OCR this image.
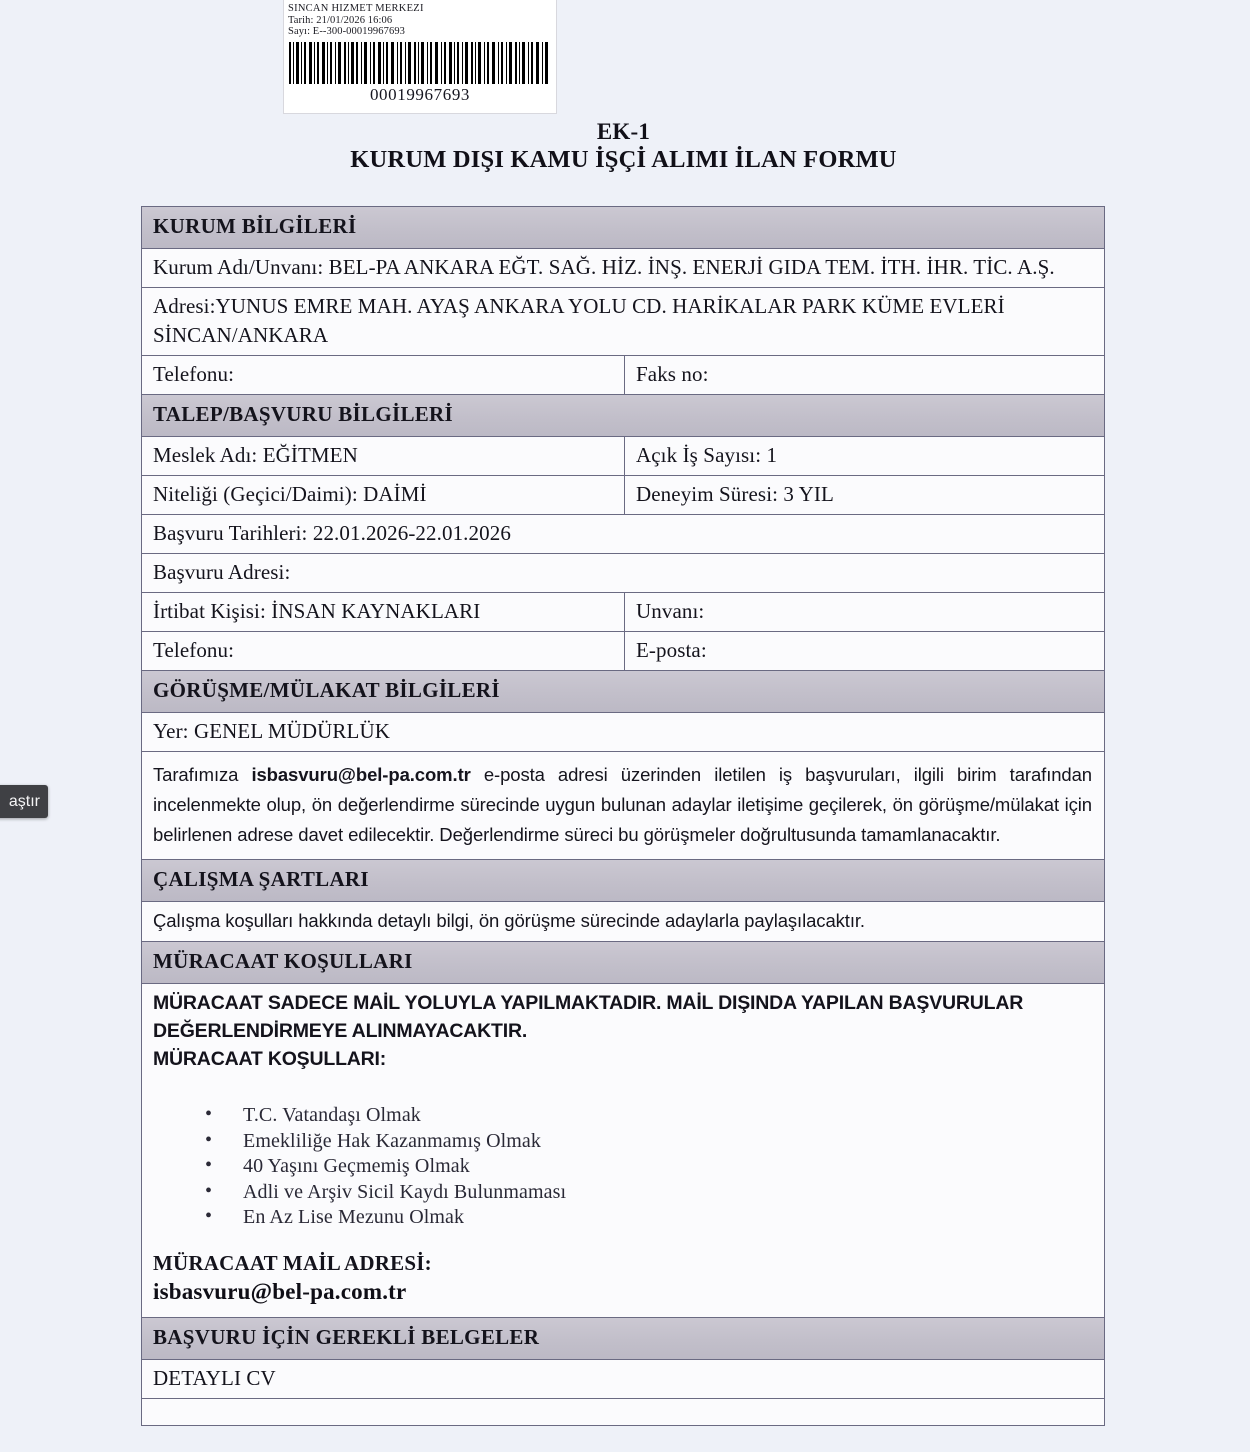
SINCAN HIZMET MERKEZI
Tarih: 21/01/2026 16:06
Sayı: E--300-00019967693
00019967693
EK-1
KURUM DIŞI KAMU İŞÇİ ALIMI İLAN FORMU
KURUM BİLGİLERİ
Kurum Adı/Unvanı: BEL-PA ANKARA EĞT. SAĞ. HİZ. İNŞ. ENERJİ GIDA TEM. İTH. İHR. TİC. A.Ş.
Adresi:YUNUS EMRE MAH. AYAŞ ANKARA YOLU CD. HARİKALAR PARK KÜME EVLERİ SİNCAN/ANKARA
Telefonu:	Faks no:
TALEP/BAŞVURU BİLGİLERİ
Meslek Adı: EĞİTMEN	Açık İş Sayısı: 1
Niteliği (Geçici/Daimi): DAİMİ	Deneyim Süresi: 3 YIL
Başvuru Tarihleri: 22.01.2026-22.01.2026
Başvuru Adresi:
İrtibat Kişisi: İNSAN KAYNAKLARI	Unvanı:
Telefonu:	E-posta:
GÖRÜŞME/MÜLAKAT BİLGİLERİ
Yer: GENEL MÜDÜRLÜK
Tarafımıza isbasvuru@bel-pa.com.tr e-posta adresi üzerinden iletilen iş başvuruları, ilgili birim tarafından incelenmekte olup, ön değerlendirme sürecinde uygun bulunan adaylar iletişime geçilerek, ön görüşme/mülakat için belirlenen adrese davet edilecektir. Değerlendirme süreci bu görüşmeler doğrultusunda tamamlanacaktır.
ÇALIŞMA ŞARTLARI
Çalışma koşulları hakkında detaylı bilgi, ön görüşme sürecinde adaylarla paylaşılacaktır.
MÜRACAAT KOŞULLARI
MÜRACAAT SADECE MAİL YOLUYLA YAPILMAKTADIR. MAİL DIŞINDA YAPILAN BAŞVURULAR
DEĞERLENDİRMEYE ALINMAYACAKTIR.
MÜRACAAT KOŞULLARI:
• T.C. Vatandaşı Olmak
• Emekliliğe Hak Kazanmamış Olmak
• 40 Yaşını Geçmemiş Olmak
• Adli ve Arşiv Sicil Kaydı Bulunmaması
• En Az Lise Mezunu Olmak
MÜRACAAT MAİL ADRESİ:
isbasvuru@bel-pa.com.tr
BAŞVURU İÇİN GEREKLİ BELGELER
DETAYLI CV
aştır
